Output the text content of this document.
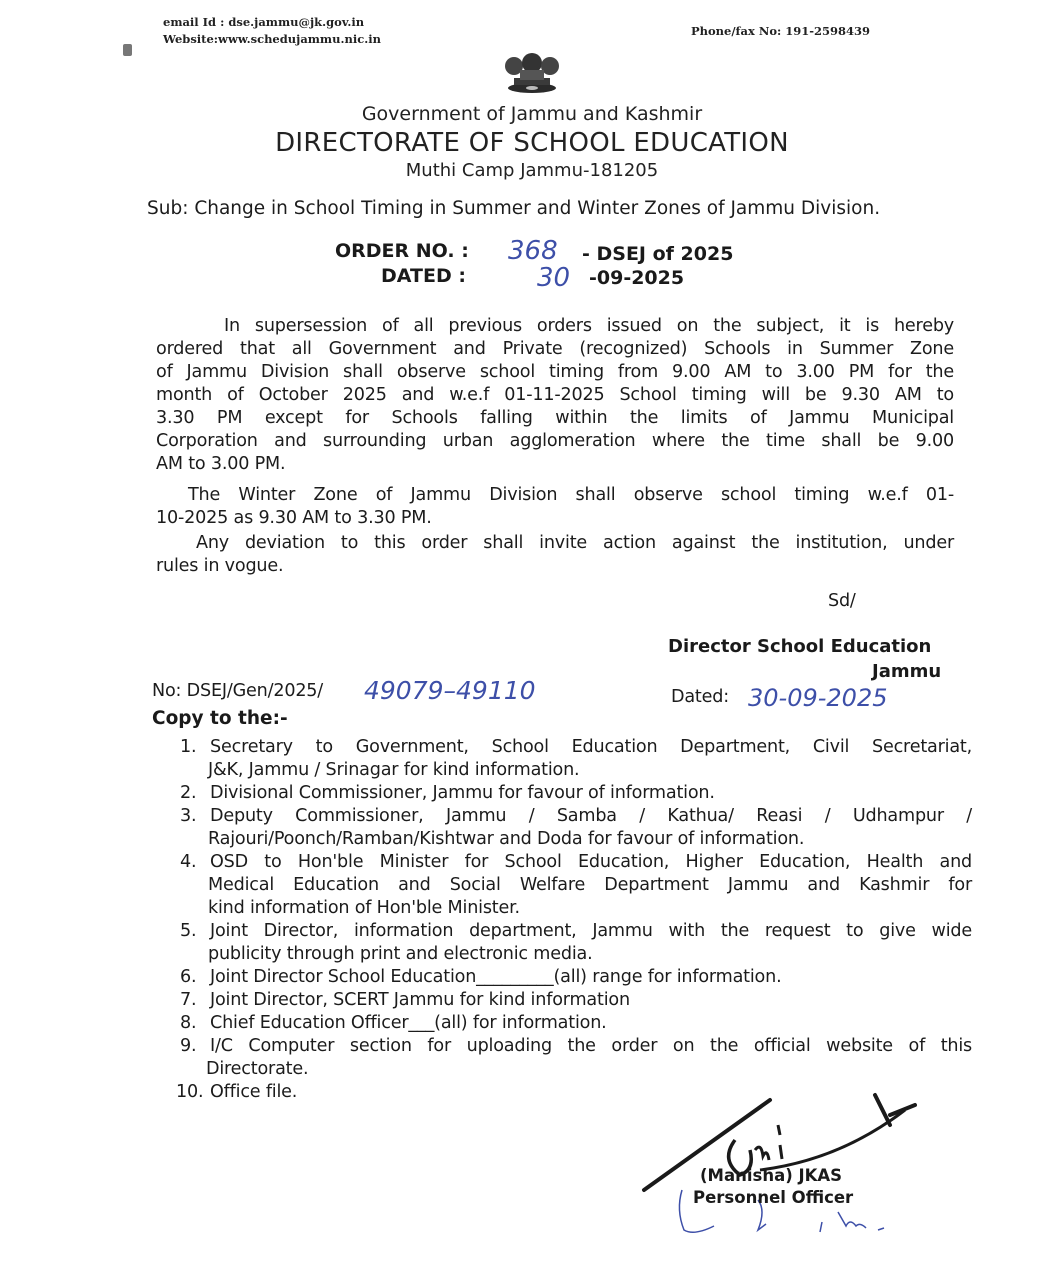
email Id : dse.jammu@jk.gov.in
Website:www.schedujammu.nic.in
Phone/fax No: 191-2598439
Government of Jammu and Kashmir
DIRECTORATE OF SCHOOL EDUCATION
Muthi Camp Jammu-181205
Sub: Change in School Timing in Summer and Winter Zones of Jammu Division.
ORDER NO. : 368 - DSEJ of 2025
DATED :	30 -09-2025
In supersession of all previous orders issued on the subject, it is hereby
ordered that all Government and Private (recognized) Schools in Summer Zone
of Jammu Division shall observe school timing from 9.00 AM to 3.00 PM for the
month of October 2025 and w.e.f 01-11-2025 School timing will be 9.30 AM to
3.30 PM except for Schools falling within the limits of Jammu Municipal
Corporation and surrounding urban agglomeration where the time shall be 9.00
AM to 3.00 PM.
The Winter Zone of Jammu Division shall observe school timing w.e.f 01-
10-2025 as 9.30 AM to 3.30 PM.
Any deviation to this order shall invite action against the institution, under
rules in vogue.
Sd/
Director School Education
Jammu
No: DSEJ/Gen/2025/ 49079–49110	Dated: 30-09-2025
Copy to the:-
1. Secretary to Government, School Education Department, Civil Secretariat,
J&K, Jammu / Srinagar for kind information.
2. Divisional Commissioner, Jammu for favour of information.
3. Deputy Commissioner, Jammu / Samba / Kathua/ Reasi / Udhampur /
Rajouri/Poonch/Ramban/Kishtwar and Doda for favour of information.
4. OSD to Hon'ble Minister for School Education, Higher Education, Health and
Medical Education and Social Welfare Department Jammu and Kashmir for
kind information of Hon'ble Minister.
5. Joint Director, information department, Jammu with the request to give wide
publicity through print and electronic media.
6. Joint Director School Education_________(all) range for information.
7. Joint Director, SCERT Jammu for kind information
8. Chief Education Officer___(all) for information.
9. I/C Computer section for uploading the order on the official website of this
Directorate.
10. Office file.
(Manisha) JKAS
Personnel Officer
